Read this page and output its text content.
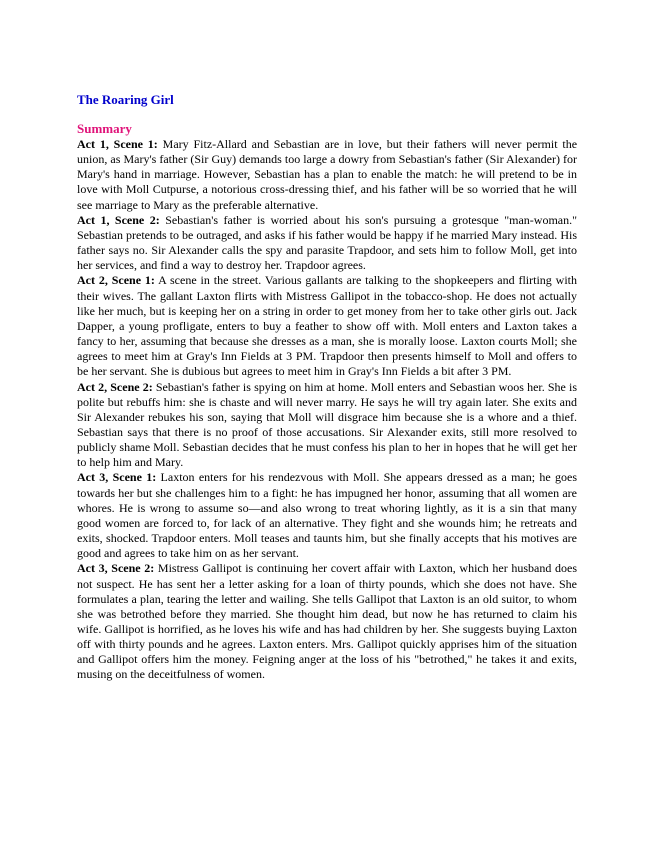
The Roaring Girl
Summary

Act 1, Scene 1: Mary Fitz-Allard and Sebastian are in love, but their fathers will never permit the union, as Mary's father (Sir Guy) demands too large a dowry from Sebastian's father (Sir Alexander) for Mary's hand in marriage. However, Sebastian has a plan to enable the match: he will pretend to be in love with Moll Cutpurse, a notorious cross-dressing thief, and his father will be so worried that he will see marriage to Mary as the preferable alternative.

Act 1, Scene 2: Sebastian's father is worried about his son's pursuing a grotesque "man-woman." Sebastian pretends to be outraged, and asks if his father would be happy if he married Mary instead. His father says no. Sir Alexander calls the spy and parasite Trapdoor, and sets him to follow Moll, get into her services, and find a way to destroy her. Trapdoor agrees.

Act 2, Scene 1: A scene in the street. Various gallants are talking to the shopkeepers and flirting with their wives. The gallant Laxton flirts with Mistress Gallipot in the tobacco-shop. He does not actually like her much, but is keeping her on a string in order to get money from her to take other girls out. Jack Dapper, a young profligate, enters to buy a feather to show off with. Moll enters and Laxton takes a fancy to her, assuming that because she dresses as a man, she is morally loose. Laxton courts Moll; she agrees to meet him at Gray's Inn Fields at 3 PM. Trapdoor then presents himself to Moll and offers to be her servant. She is dubious but agrees to meet him in Gray's Inn Fields a bit after 3 PM.

Act 2, Scene 2: Sebastian's father is spying on him at home. Moll enters and Sebastian woos her. She is polite but rebuffs him: she is chaste and will never marry. He says he will try again later. She exits and Sir Alexander rebukes his son, saying that Moll will disgrace him because she is a whore and a thief. Sebastian says that there is no proof of those accusations. Sir Alexander exits, still more resolved to publicly shame Moll. Sebastian decides that he must confess his plan to her in hopes that he will get her to help him and Mary.

Act 3, Scene 1: Laxton enters for his rendezvous with Moll. She appears dressed as a man; he goes towards her but she challenges him to a fight: he has impugned her honor, assuming that all women are whores. He is wrong to assume so—and also wrong to treat whoring lightly, as it is a sin that many good women are forced to, for lack of an alternative. They fight and she wounds him; he retreats and exits, shocked. Trapdoor enters. Moll teases and taunts him, but she finally accepts that his motives are good and agrees to take him on as her servant.

Act 3, Scene 2: Mistress Gallipot is continuing her covert affair with Laxton, which her husband does not suspect. He has sent her a letter asking for a loan of thirty pounds, which she does not have. She formulates a plan, tearing the letter and wailing. She tells Gallipot that Laxton is an old suitor, to whom she was betrothed before they married. She thought him dead, but now he has returned to claim his wife. Gallipot is horrified, as he loves his wife and has had children by her. She suggests buying Laxton off with thirty pounds and he agrees. Laxton enters. Mrs. Gallipot quickly apprises him of the situation and Gallipot offers him the money. Feigning anger at the loss of his "betrothed," he takes it and exits, musing on the deceitfulness of women.
